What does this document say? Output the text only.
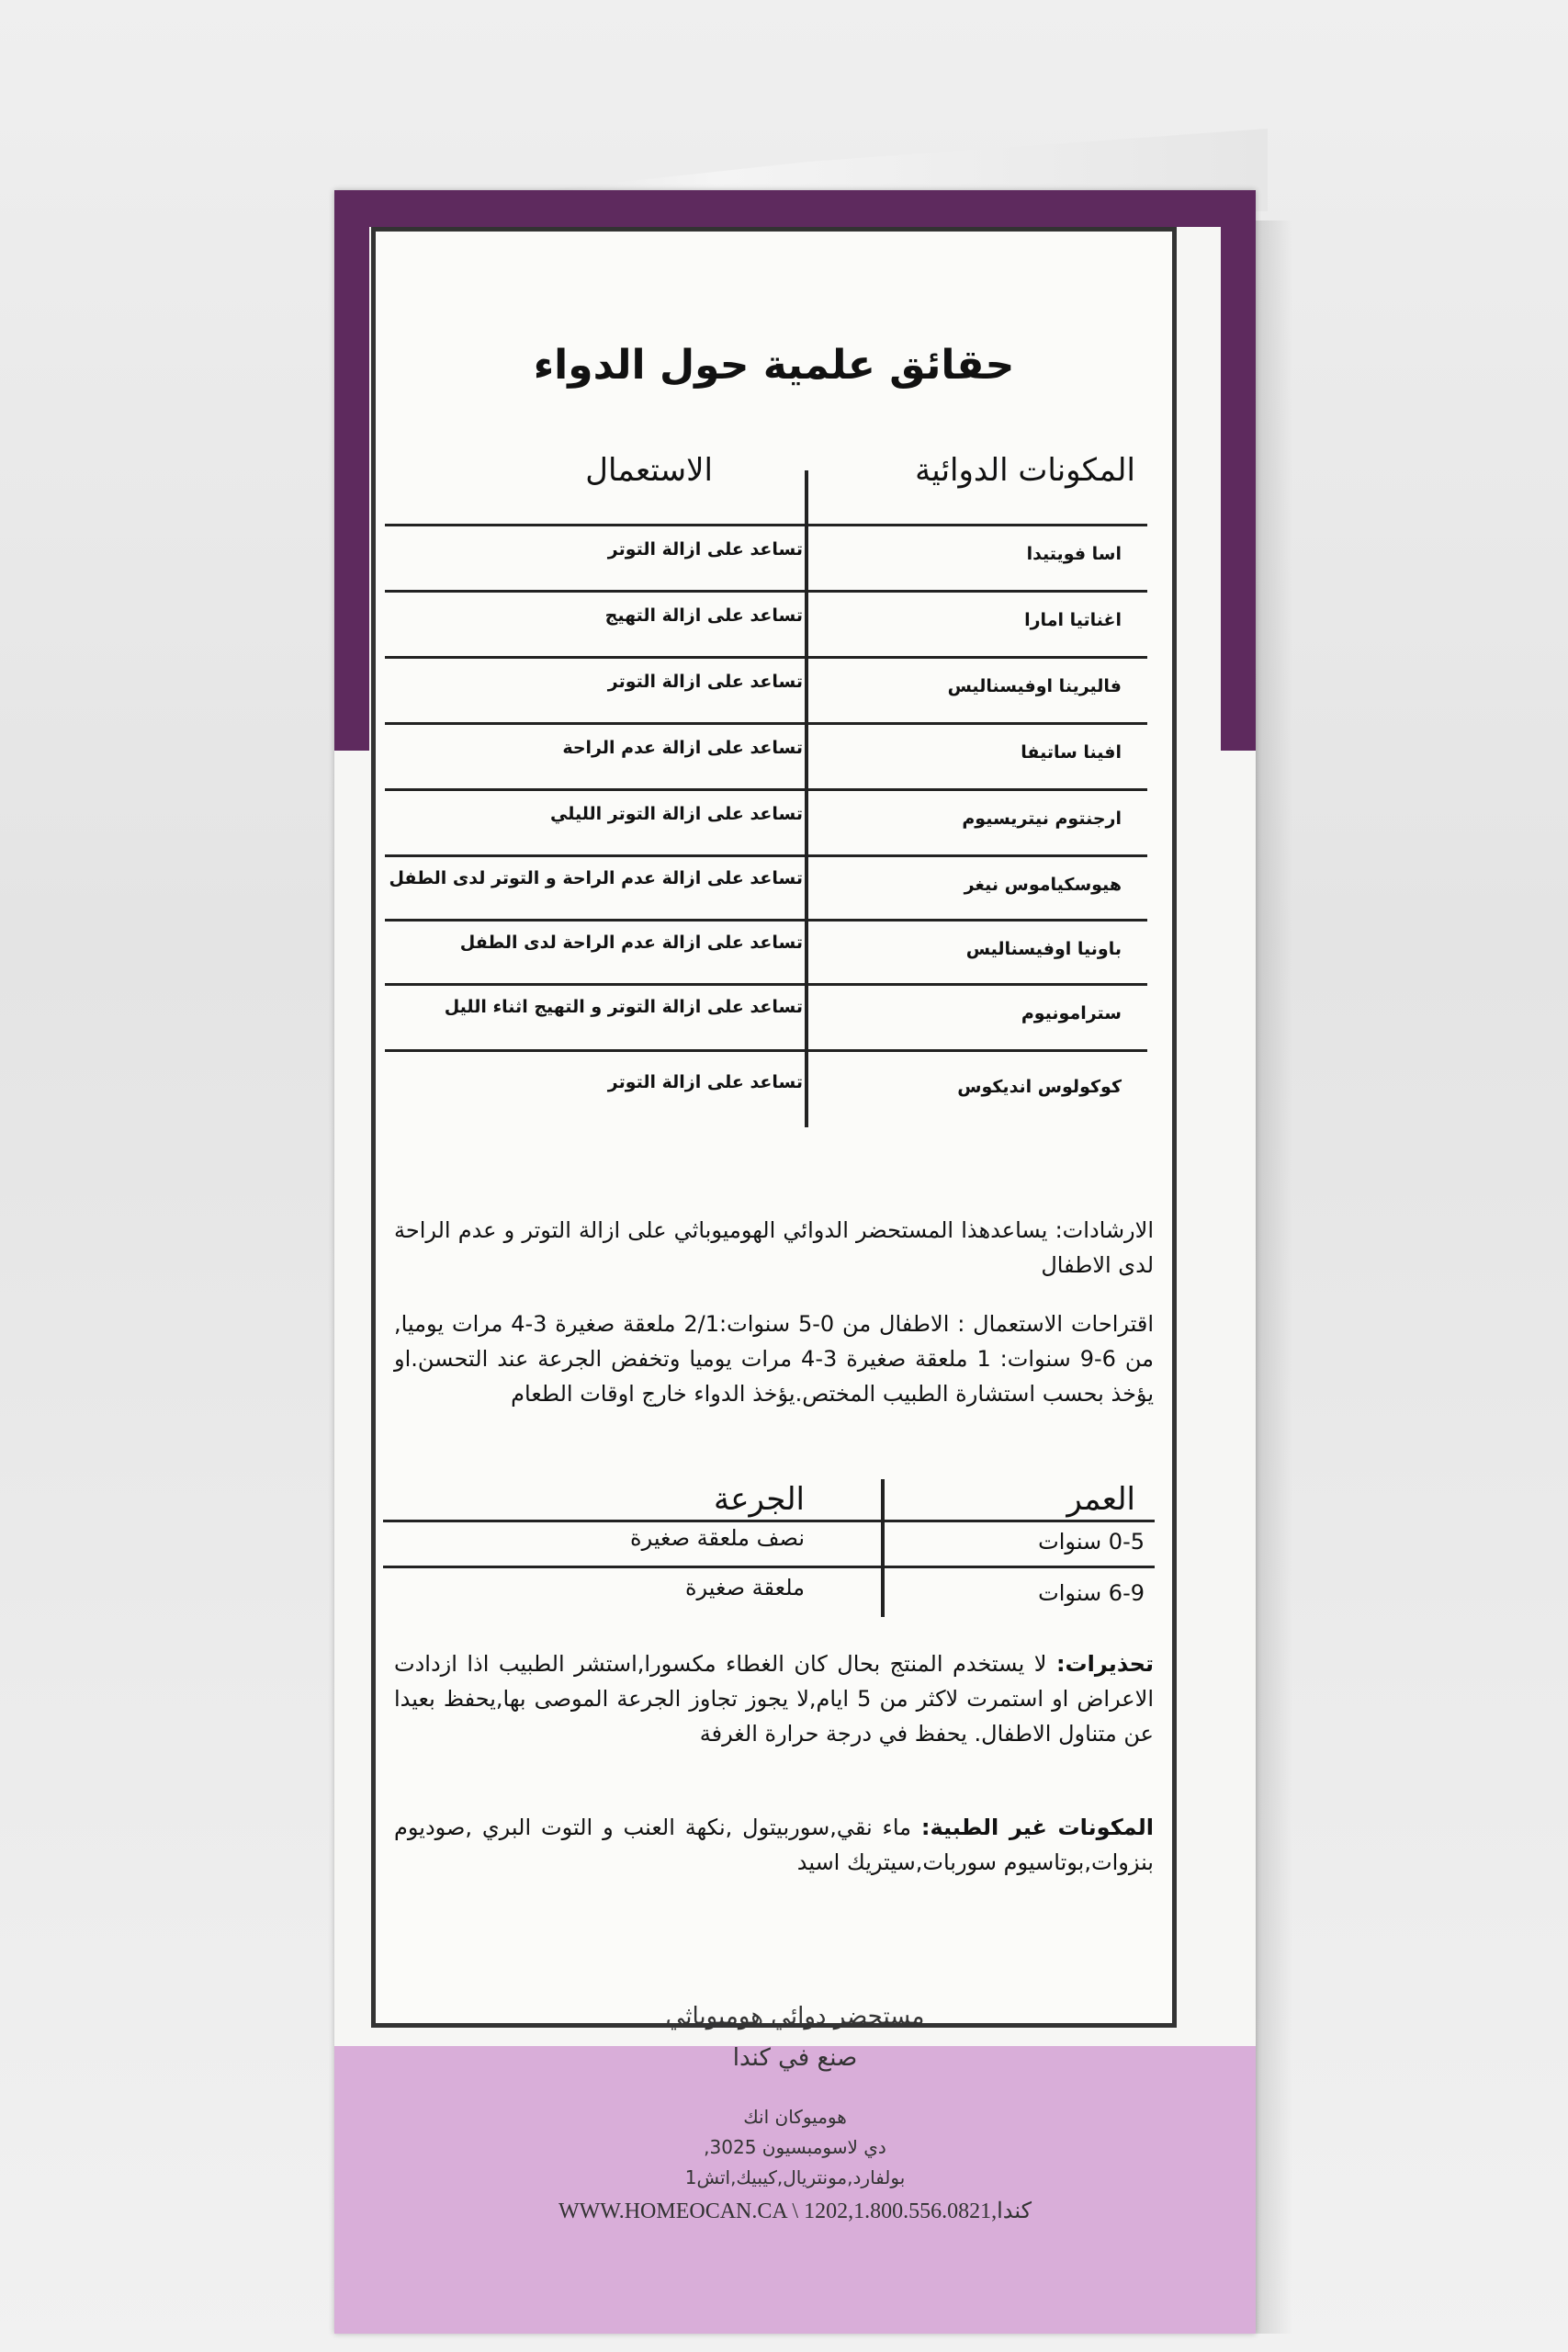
حقائق علمية حول الدواء
المكونات الدوائية
الاستعمال
اسا فويتيدا
تساعد على ازالة التوتر
اغناتيا امارا
تساعد على ازالة التهيج
فاليرينا اوفيسناليس
تساعد على ازالة التوتر
افينا ساتيفا
تساعد على ازالة عدم الراحة
ارجنتوم نيتريسيوم
تساعد على ازالة التوتر الليلي
هيوسكياموس نيغر
تساعد على ازالة عدم الراحة و التوتر لدى الطفل
باونيا اوفيسناليس
تساعد على ازالة عدم الراحة لدى الطفل
سترامونيوم
تساعد على ازالة التوتر و التهيج اثناء الليل
كوكولوس انديكوس
تساعد على ازالة التوتر
الارشادات: يساعدهذا المستحضر الدوائي الهوميوباثي على ازالة التوتر و عدم الراحة لدى الاطفال
اقتراحات الاستعمال : الاطفال من 0-5 سنوات:2/1 ملعقة صغيرة 3-4 مرات يوميا, من 6-9 سنوات: 1 ملعقة صغيرة 3-4 مرات يوميا وتخفض الجرعة عند التحسن.او يؤخذ بحسب استشارة الطبيب المختص.يؤخذ الدواء خارج اوقات الطعام
العمر
الجرعة
0-5 سنوات
نصف ملعقة صغيرة
6-9 سنوات
ملعقة صغيرة
تحذيرات: لا يستخدم المنتج بحال كان الغطاء مكسورا,استشر الطبيب اذا ازدادت الاعراض او استمرت لاكثر من 5 ايام,لا يجوز تجاوز الجرعة الموصى بها,يحفظ بعيدا عن متناول الاطفال. يحفظ في درجة حرارة الغرفة
المكونات غير الطبية: ماء نقي,سوربيتول ,نكهة العنب و التوت البري ,صوديوم بنزوات,بوتاسيوم سوربات,سيتريك اسيد
مستحضر دوائي هوميوباثي
صنع في كندا
هوميوكان انك
دي لاسومبسيون 3025,
بولفارد,مونتريال,كيبيك,اتش1
WWW.HOMEOCAN.CA \ 1202,1.800.556.0821,كندا
